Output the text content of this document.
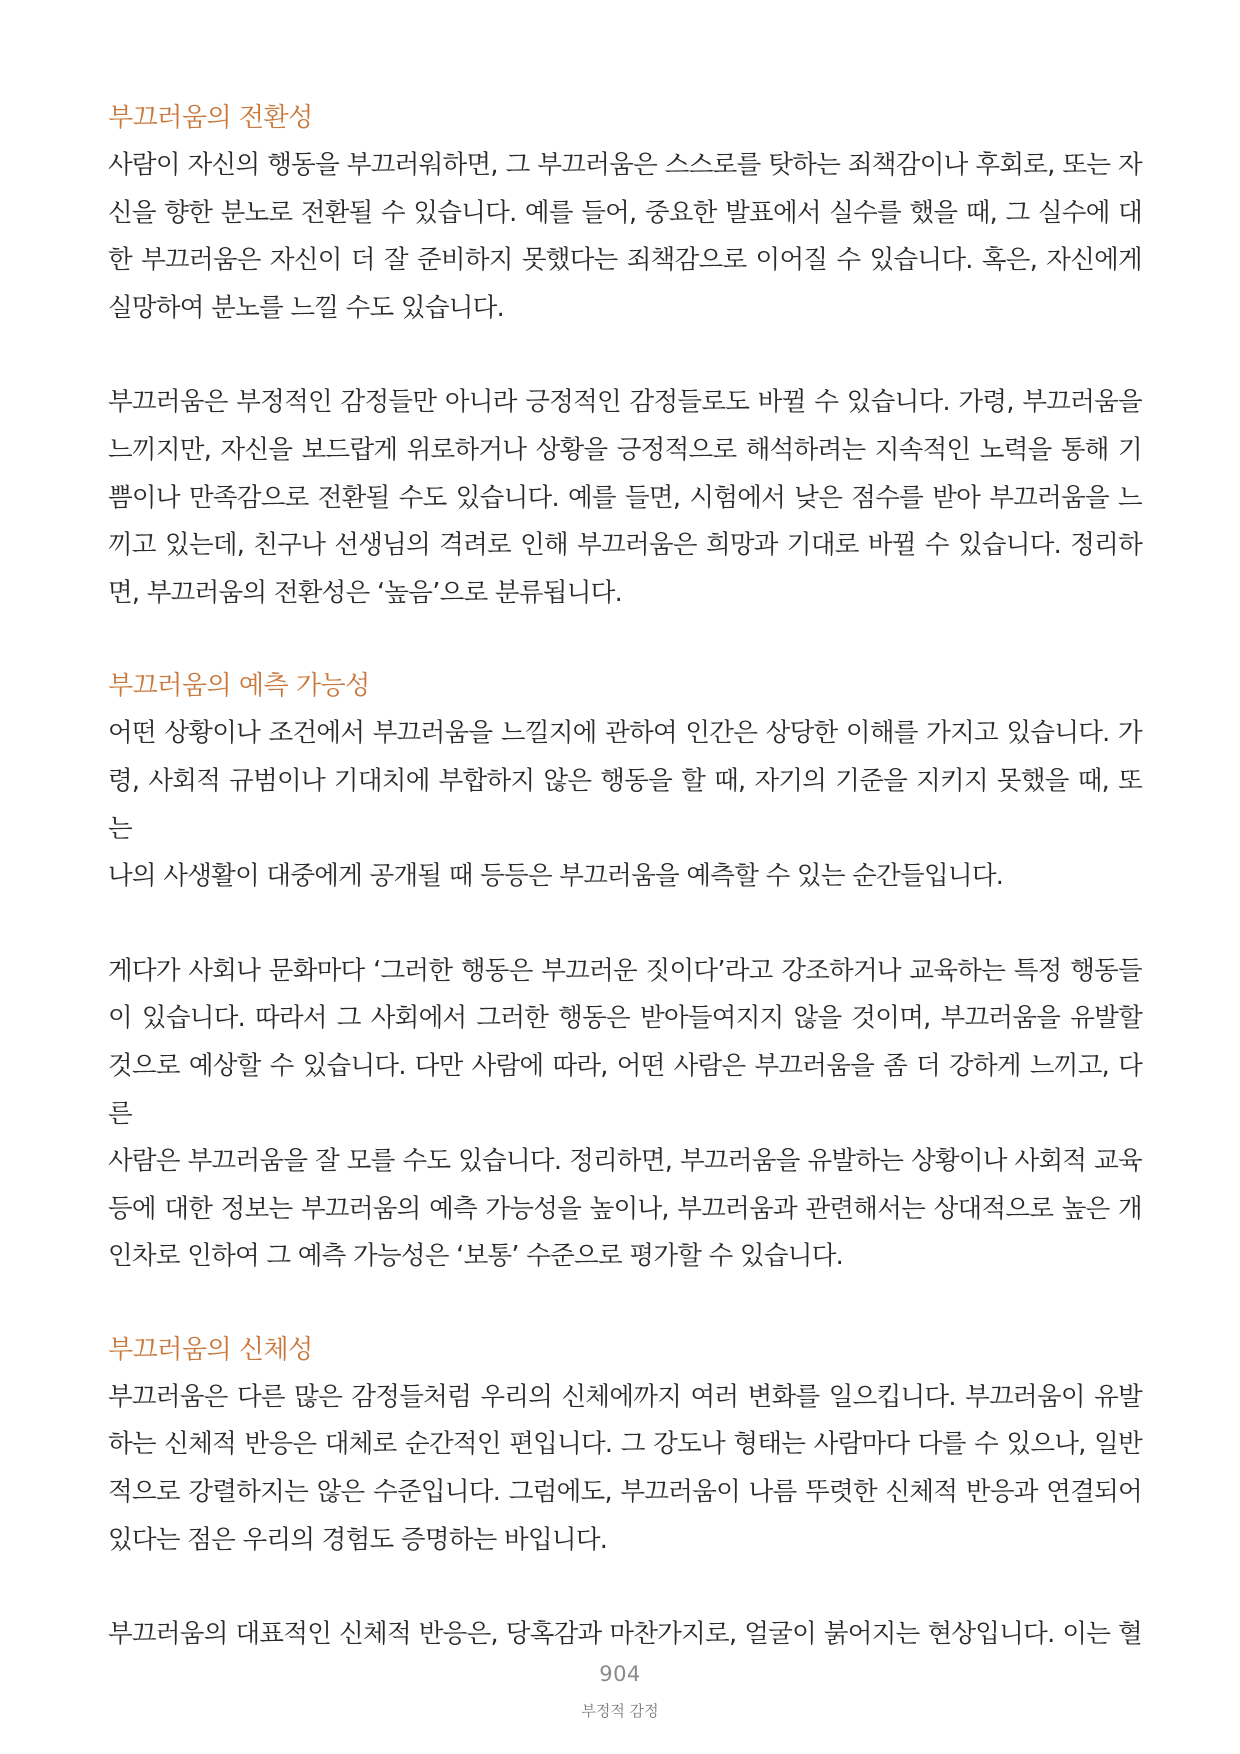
부끄러움의 전환성

사람이 자신의 행동을 부끄러워하면, 그 부끄러움은 스스로를 탓하는 죄책감이나 후회로, 또는 자
신을 향한 분노로 전환될 수 있습니다. 예를 들어, 중요한 발표에서 실수를 했을 때, 그 실수에 대
한 부끄러움은 자신이 더 잘 준비하지 못했다는 죄책감으로 이어질 수 있습니다. 혹은, 자신에게
실망하여 분노를 느낄 수도 있습니다.

부끄러움은 부정적인 감정들만 아니라 긍정적인 감정들로도 바뀔 수 있습니다. 가령, 부끄러움을
느끼지만, 자신을 보드랍게 위로하거나 상황을 긍정적으로 해석하려는 지속적인 노력을 통해 기
쁨이나 만족감으로 전환될 수도 있습니다. 예를 들면, 시험에서 낮은 점수를 받아 부끄러움을 느
끼고 있는데, 친구나 선생님의 격려로 인해 부끄러움은 희망과 기대로 바뀔 수 있습니다. 정리하
면, 부끄러움의 전환성은 ‘높음’으로 분류됩니다.

부끄러움의 예측 가능성

어떤 상황이나 조건에서 부끄러움을 느낄지에 관하여 인간은 상당한 이해를 가지고 있습니다. 가
령, 사회적 규범이나 기대치에 부합하지 않은 행동을 할 때, 자기의 기준을 지키지 못했을 때, 또는
나의 사생활이 대중에게 공개될 때 등등은 부끄러움을 예측할 수 있는 순간들입니다.

게다가 사회나 문화마다 ‘그러한 행동은 부끄러운 짓이다’라고 강조하거나 교육하는 특정 행동들
이 있습니다. 따라서 그 사회에서 그러한 행동은 받아들여지지 않을 것이며, 부끄러움을 유발할
것으로 예상할 수 있습니다. 다만 사람에 따라, 어떤 사람은 부끄러움을 좀 더 강하게 느끼고, 다른
사람은 부끄러움을 잘 모를 수도 있습니다. 정리하면, 부끄러움을 유발하는 상황이나 사회적 교육
등에 대한 정보는 부끄러움의 예측 가능성을 높이나, 부끄러움과 관련해서는 상대적으로 높은 개
인차로 인하여 그 예측 가능성은 ‘보통’ 수준으로 평가할 수 있습니다.

부끄러움의 신체성

부끄러움은 다른 많은 감정들처럼 우리의 신체에까지 여러 변화를 일으킵니다. 부끄러움이 유발
하는 신체적 반응은 대체로 순간적인 편입니다. 그 강도나 형태는 사람마다 다를 수 있으나, 일반
적으로 강렬하지는 않은 수준입니다. 그럼에도, 부끄러움이 나름 뚜렷한 신체적 반응과 연결되어
있다는 점은 우리의 경험도 증명하는 바입니다.

부끄러움의 대표적인 신체적 반응은, 당혹감과 마찬가지로, 얼굴이 붉어지는 현상입니다. 이는 혈

904
부정적 감정
